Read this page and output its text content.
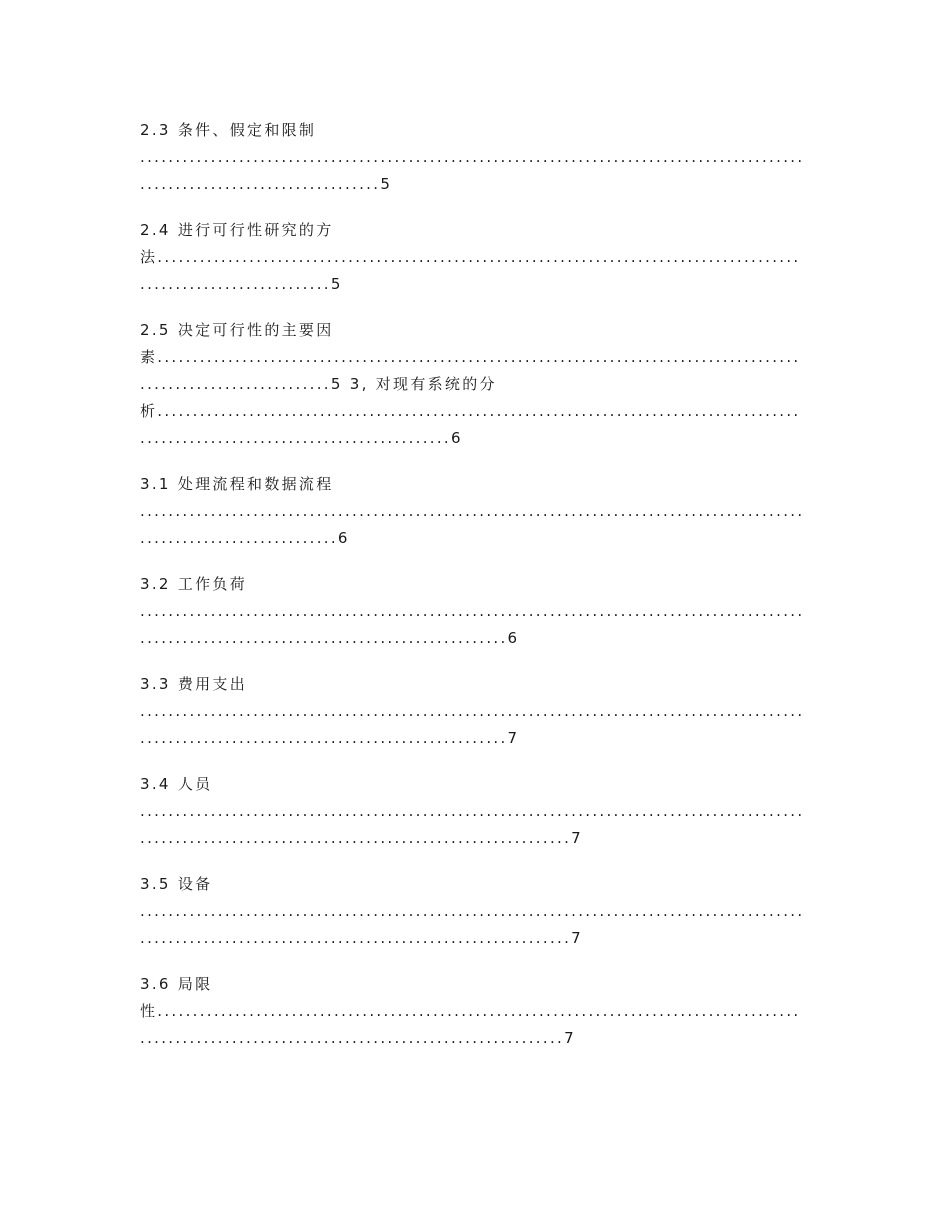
2.3 条件、假定和限制
..............................................................................................
..................................5
2.4 进行可行性研究的方
法...........................................................................................
...........................5
2.5 决定可行性的主要因
素...........................................................................................
...........................5 3, 对现有系统的分
析...........................................................................................
............................................6
3.1 处理流程和数据流程
..............................................................................................
............................6
3.2 工作负荷
..............................................................................................
....................................................6
3.3 费用支出
..............................................................................................
....................................................7
3.4 人员
..............................................................................................
.............................................................7
3.5 设备
..............................................................................................
.............................................................7
3.6 局限
性...........................................................................................
............................................................7
